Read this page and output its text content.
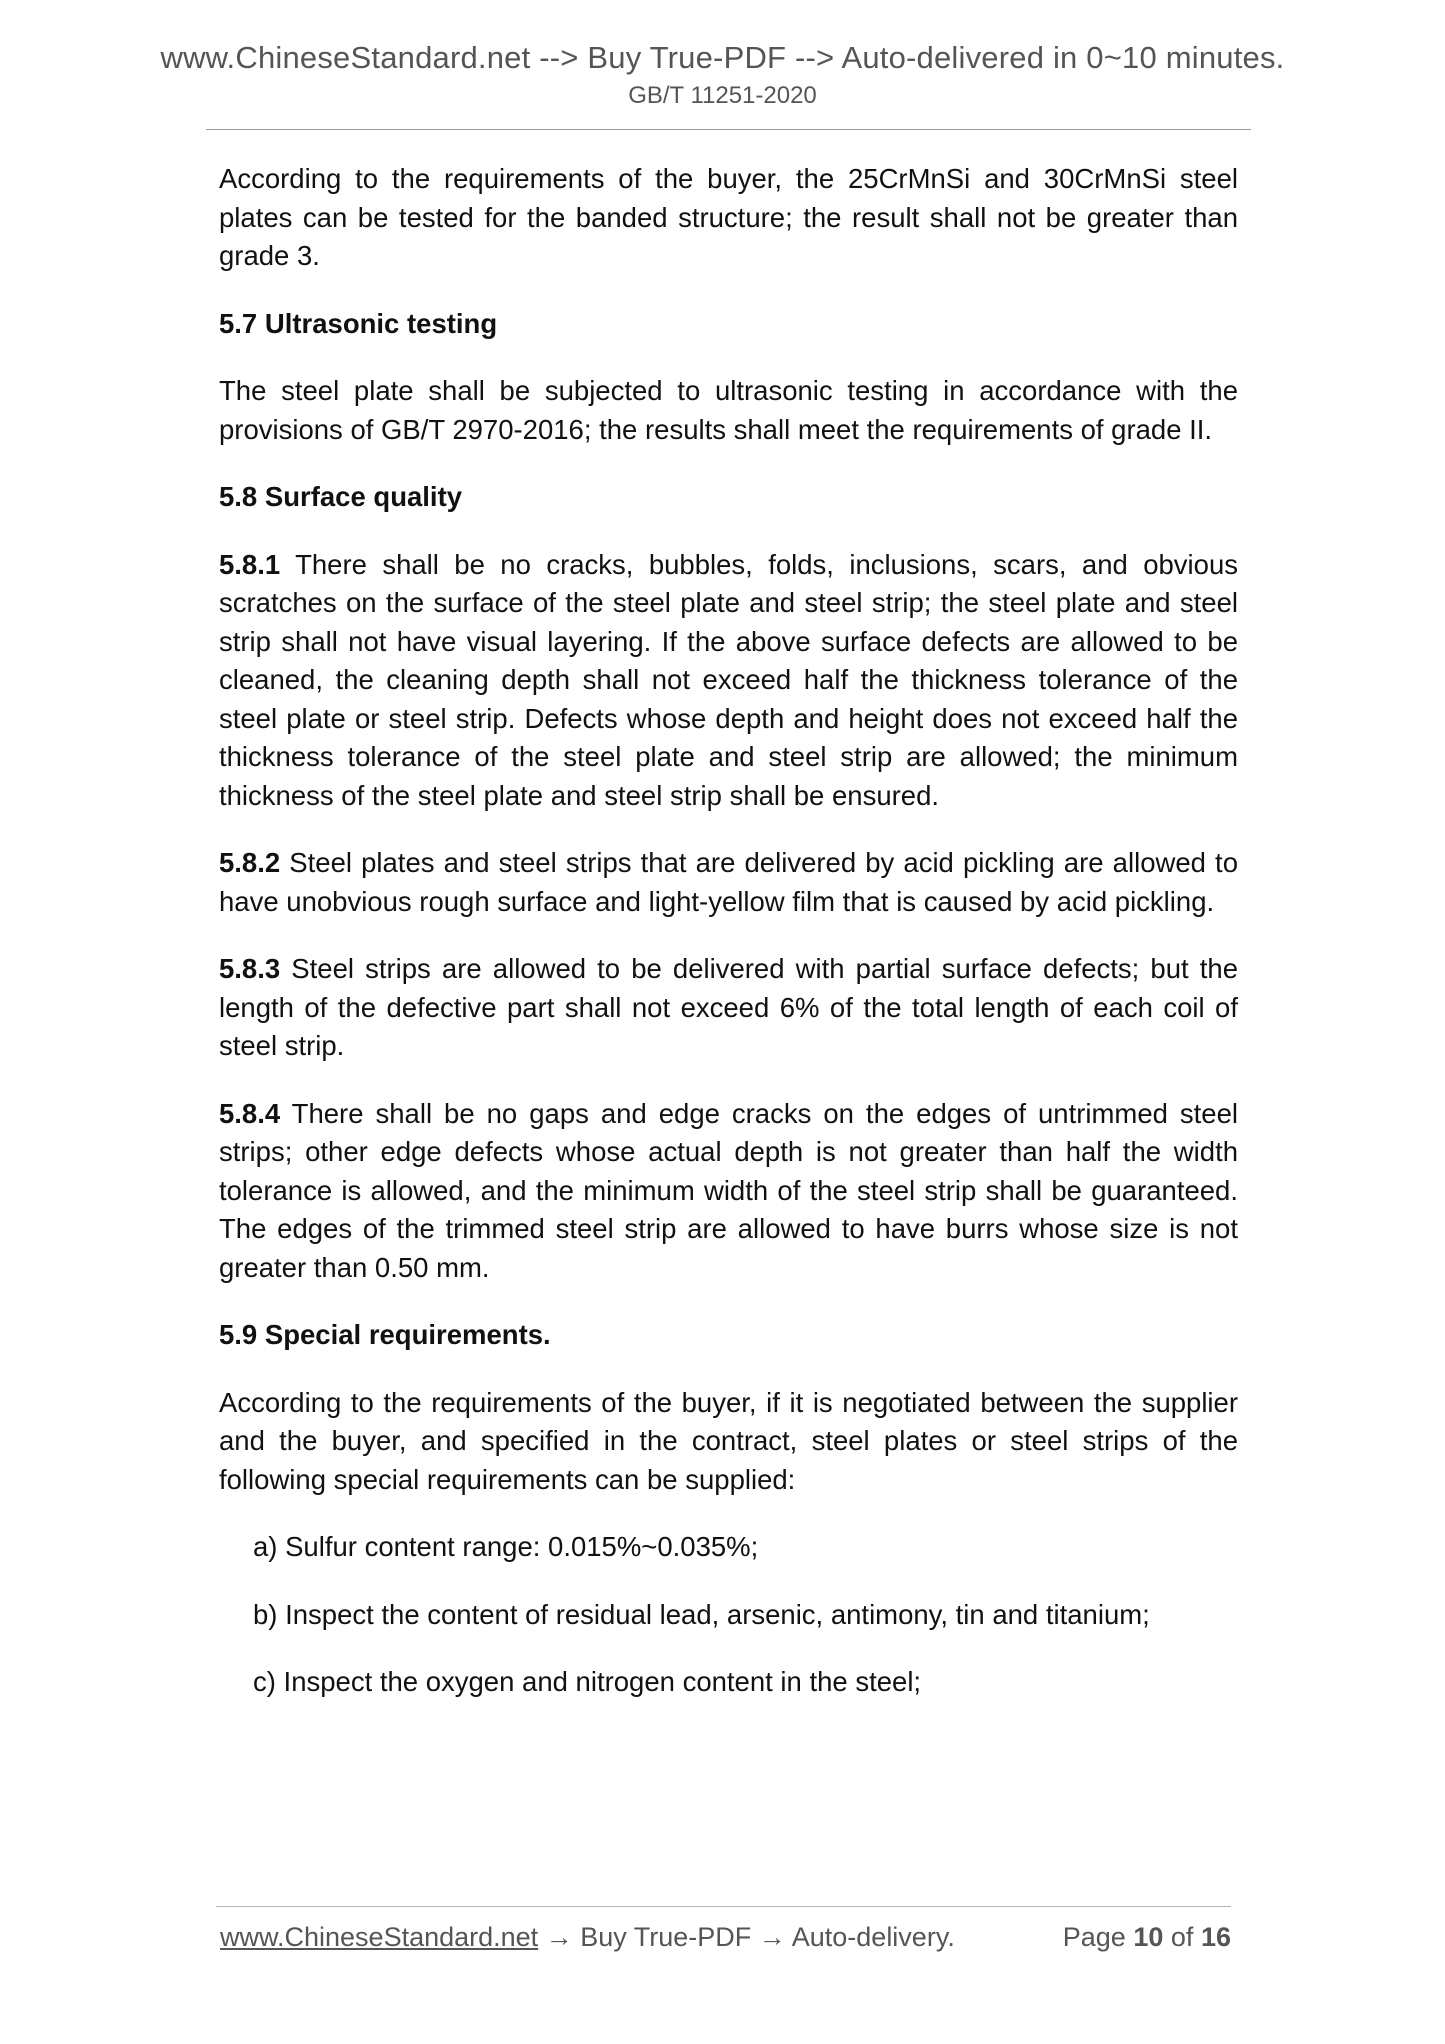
www.ChineseStandard.net --> Buy True-PDF --> Auto-delivered in 0~10 minutes.
GB/T 11251-2020

According to the requirements of the buyer, the 25CrMnSi and 30CrMnSi steel plates can be tested for the banded structure; the result shall not be greater than grade 3.

5.7 Ultrasonic testing

The steel plate shall be subjected to ultrasonic testing in accordance with the provisions of GB/T 2970-2016; the results shall meet the requirements of grade II.

5.8 Surface quality

5.8.1 There shall be no cracks, bubbles, folds, inclusions, scars, and obvious scratches on the surface of the steel plate and steel strip; the steel plate and steel strip shall not have visual layering. If the above surface defects are allowed to be cleaned, the cleaning depth shall not exceed half the thickness tolerance of the steel plate or steel strip. Defects whose depth and height does not exceed half the thickness tolerance of the steel plate and steel strip are allowed; the minimum thickness of the steel plate and steel strip shall be ensured.

5.8.2 Steel plates and steel strips that are delivered by acid pickling are allowed to have unobvious rough surface and light-yellow film that is caused by acid pickling.

5.8.3 Steel strips are allowed to be delivered with partial surface defects; but the length of the defective part shall not exceed 6% of the total length of each coil of steel strip.

5.8.4 There shall be no gaps and edge cracks on the edges of untrimmed steel strips; other edge defects whose actual depth is not greater than half the width tolerance is allowed, and the minimum width of the steel strip shall be guaranteed. The edges of the trimmed steel strip are allowed to have burrs whose size is not greater than 0.50 mm.

5.9 Special requirements.

According to the requirements of the buyer, if it is negotiated between the supplier and the buyer, and specified in the contract, steel plates or steel strips of the following special requirements can be supplied:

a) Sulfur content range: 0.015%~0.035%;

b) Inspect the content of residual lead, arsenic, antimony, tin and titanium;

c) Inspect the oxygen and nitrogen content in the steel;

www.ChineseStandard.net → Buy True-PDF → Auto-delivery.	Page 10 of 16
